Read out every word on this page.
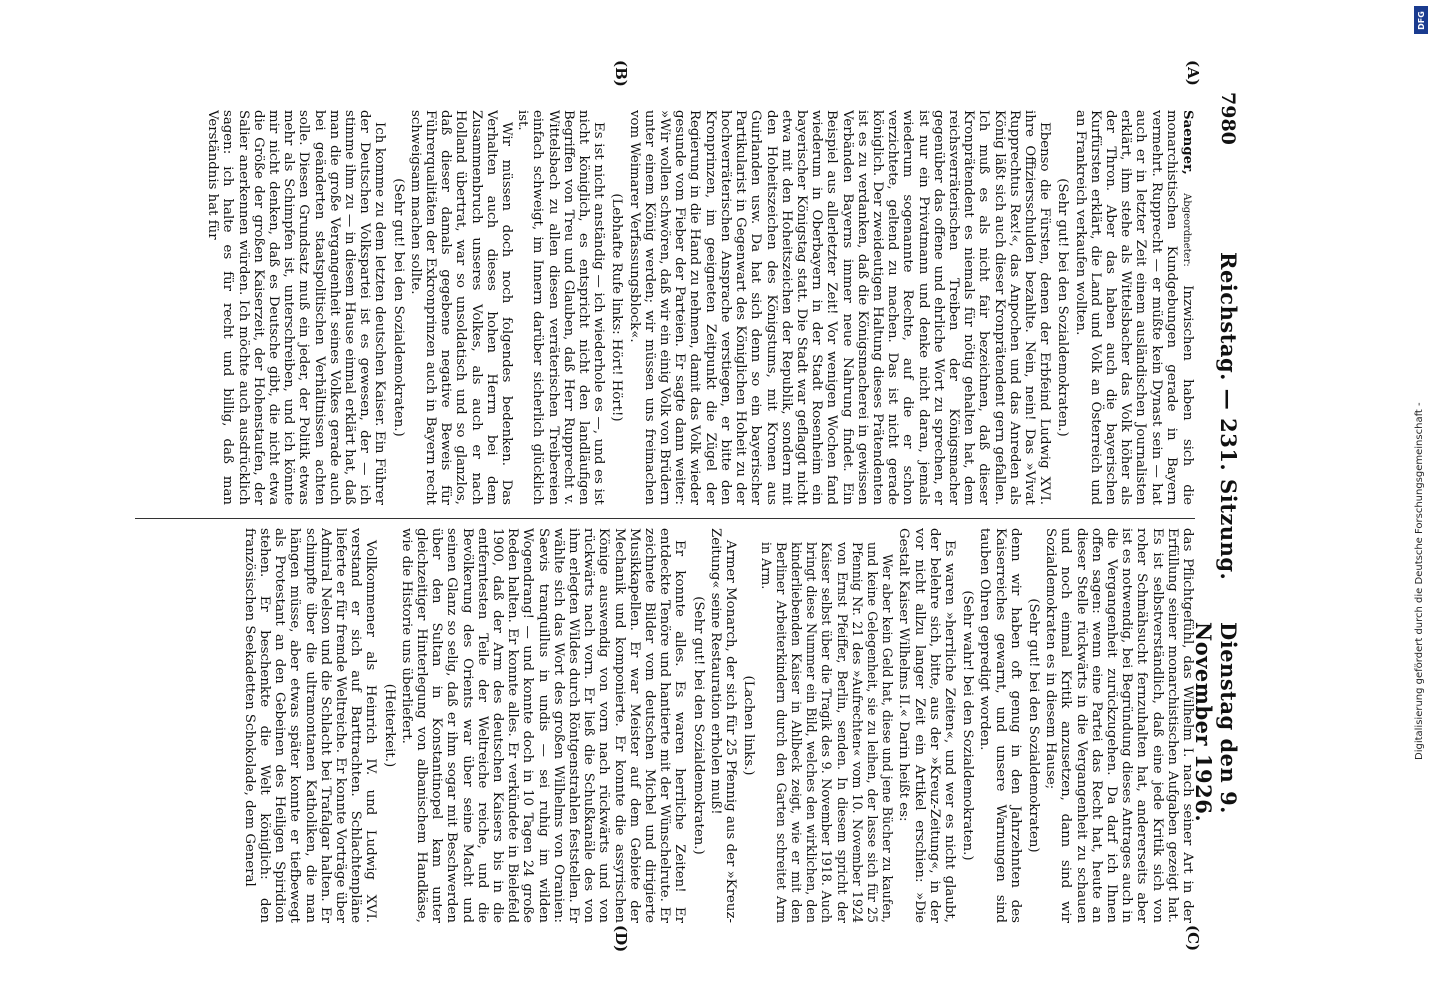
7980
Reichstag. — 231. Sitzung.
Dienstag den 9. November 1926.
(A)
(B)
(C)
(D)

Saenger, Abgeordneter: Inzwischen haben sich die monarchistischen Kundgebungen gerade in Bayern vermehrt. Rupprecht — er müßte kein Dynast sein — hat auch er in letzter Zeit einem ausländischen Journalisten erklärt, ihm stehe als Wittelsbacher das Volk höher als der Thron. Aber das haben auch die bayerischen Kurfürsten erklärt, die Land und Volk an Österreich und an Frankreich verkaufen wollten.

(Sehr gut! bei den Sozialdemokraten.)

Ebenso die Fürsten, denen der Erbfeind Ludwig XVI. ihre Offiziersschulden bezahlte. Nein, nein! Das »Vivat Rupprechtus Rex!«, das Anpochen und das Anreden als König läßt sich auch dieser Kronprätendent gern gefallen. Ich muß es als nicht fair bezeichnen, daß dieser Kronprätendent es niemals für nötig gehalten hat, dem reichsverräterischen Treiben der Königsmacher gegenüber das offene und ehrliche Wort zu sprechen, er ist nur ein Privatmann und denke nicht daran, jemals wiederum sogenannte Rechte, auf die er schon verzichtete, geltend zu machen. Das ist nicht gerade königlich. Der zweideutigen Haltung dieses Prätendenten ist es zu verdanken, daß die Königsmacherei in gewissen Verbänden Bayerns immer neue Nahrung findet. Ein Beispiel aus allerletzter Zeit! Vor wenigen Wochen fand wiederum in Oberbayern in der Stadt Rosenheim ein bayerischer Königstag statt. Die Stadt war geflaggt nicht etwa mit den Hoheitszeichen der Republik, sondern mit den Hoheitszeichen des Königstums, mit Kronen aus Guirlanden usw. Da hat sich denn so ein bayerischer Partikularist in Gegenwart des Königlichen Hoheit zu der hochverräterischen Ansprache verstiegen, er bitte den Kronprinzen, im geeigneten Zeitpunkt die Zügel der Regierung in die Hand zu nehmen, damit das Volk wieder gesunde vom Fieber der Parteien. Er sagte dann weiter: »Wir wollen schwören, daß wir ein einig Volk von Brüdern unter einem König werden; wir müssen uns freimachen vom Weimarer Verfassungsblock«.

(Lebhafte Rufe links: Hört! Hört!)

Es ist nicht anständig — ich wiederhole es —, und es ist nicht königlich, es entspricht nicht den landläufigen Begriffen von Treu und Glauben, daß Herr Rupprecht v. Wittelsbach zu allen diesen verräterischen Treibereien einfach schweigt, im Innern darüber sicherlich glücklich ist.

Wir müssen doch noch folgendes bedenken. Das Verhalten auch dieses hohen Herrn bei dem Zusammenbruch unseres Volkes, als auch er nach Holland übertrat, war so unsoldatisch und so glanzlos, daß dieser damals gegebene negative Beweis für Führerqualitäten der Exkronprinzen auch in Bayern recht schweigsam machen sollte.

(Sehr gut! bei den Sozialdemokraten.)

Ich komme zu dem letzten deutschen Kaiser. Ein Führer der Deutschen Volkspartei ist es gewesen, der — ich stimme ihm zu — in diesem Hause einmal erklärt hat, daß man die große Vergangenheit seines Volkes gerade auch bei geänderten staatspolitischen Verhältnissen achten solle. Diesen Grundsatz muß ein jeder, der Politik etwas mehr als Schimpfen ist, unterschreiben, und ich könnte mir nicht denken, daß es Deutsche gibt, die nicht etwa die Größe der großen Kaiserzeit, der Hohenstaufen, der Salier anerkennen würden. Ich möchte auch ausdrücklich sagen: ich halte es für recht und billig, daß man Verständnis hat für

das Pflichtgefühl, das Wilhelm I. nach seiner Art in der Erfüllung seiner monarchistischen Aufgaben gezeigt hat. Es ist selbstverständlich, daß eine jede Kritik sich von roher Schmähsucht fernzuhalten hat, andererseits aber ist es notwendig, bei Begründung dieses Antrages auch in die Vergangenheit zurückzugehen. Da darf ich Ihnen offen sagen: wenn eine Partei das Recht hat, heute an dieser Stelle rückwärts in die Vergangenheit zu schauen und noch einmal Kritik anzusetzen, dann sind wir Sozialdemokraten es in diesem Hause;

(Sehr gut! bei den Sozialdemokraten)

denn wir haben oft genug in den Jahrzehnten des Kaiserreiches gewarnt, und unsere Warnungen sind tauben Ohren gepredigt worden.

(Sehr wahr! bei den Sozialdemokraten.)

Es waren »herrliche Zeiten«, und wer es nicht glaubt, der belehre sich, bitte, aus der »Kreuz-Zeitung«, in der vor nicht allzu langer Zeit ein Artikel erschien: »Die Gestalt Kaiser Wilhelms II.« Darin heißt es:

Wer aber kein Geld hat, diese und jene Bücher zu kaufen, und keine Gelegenheit, sie zu leihen, der lasse sich für 25 Pfennig Nr. 21 des »Aufrechten« vom 10. November 1924 von Ernst Pfeiffer, Berlin, senden. In diesem spricht der Kaiser selbst über die Tragik des 9. November 1918. Auch bringt diese Nummer ein Bild, welches den wirklichen, den kinderliebenden Kaiser in Ahlbeck zeigt, wie er mit den Berliner Arbeiterkindern durch den Garten schreitet Arm in Arm.

(Lachen links.)

Armer Monarch, der sich für 25 Pfennig aus der »Kreuz-Zeitung« seine Restauration erholen muß!

(Sehr gut! bei den Sozialdemokraten.)

Er konnte alles. Es waren herrliche Zeiten! Er entdeckte Tenöre und hantierte mit der Wünschelrute. Er zeichnete Bilder vom deutschen Michel und dirigierte Musikkapellen. Er war Meister auf dem Gebiete der Mechanik und komponierte. Er konnte die assyrischen Könige auswendig von vorn nach rückwärts und von rückwärts nach vorn. Er ließ die Schußkanäle des von ihm erlegten Wildes durch Röntgenstrahlen feststellen. Er wählte sich das Wort des großen Wilhelms von Oranien: Saevis tranquillus in undis — sei ruhig im wilden Wogendrang! — und konnte doch in 10 Tagen 24 große Reden halten. Er konnte alles. Er verkündete in Bielefeld 1900, daß der Arm des deutschen Kaisers bis in die entferntesten Teile der Weltreiche reiche, und die Bevölkerung des Orients war über seine Macht und seinen Glanz so selig, daß er ihm sogar mit Beschwerden über den Sultan in Konstantinopel kam unter gleichzeitiger Hinterlegung von albanischem Handkäse, wie die Historie uns überliefert.

(Heiterkeit.)

Vollkommener als Heinrich IV. und Ludwig XVI. verstand er sich auf Barttrachten. Schlachtenpläne lieferte er für fremde Weltreiche. Er konnte Vorträge über Admiral Nelson und die Schlacht bei Trafalgar halten. Er schimpfte über die ultramontanen Katholiken, die man hängen müsse, aber etwas später konnte er tiefbewegt als Protestant an den Gebeinen des Heiligen Spiridion stehen. Er beschenkte die Welt königlich: den französischen Seekadetten Schokolade, dem General

DFG
Digitalisierung gefördert durch die Deutsche Forschungsgemeinschaft -
